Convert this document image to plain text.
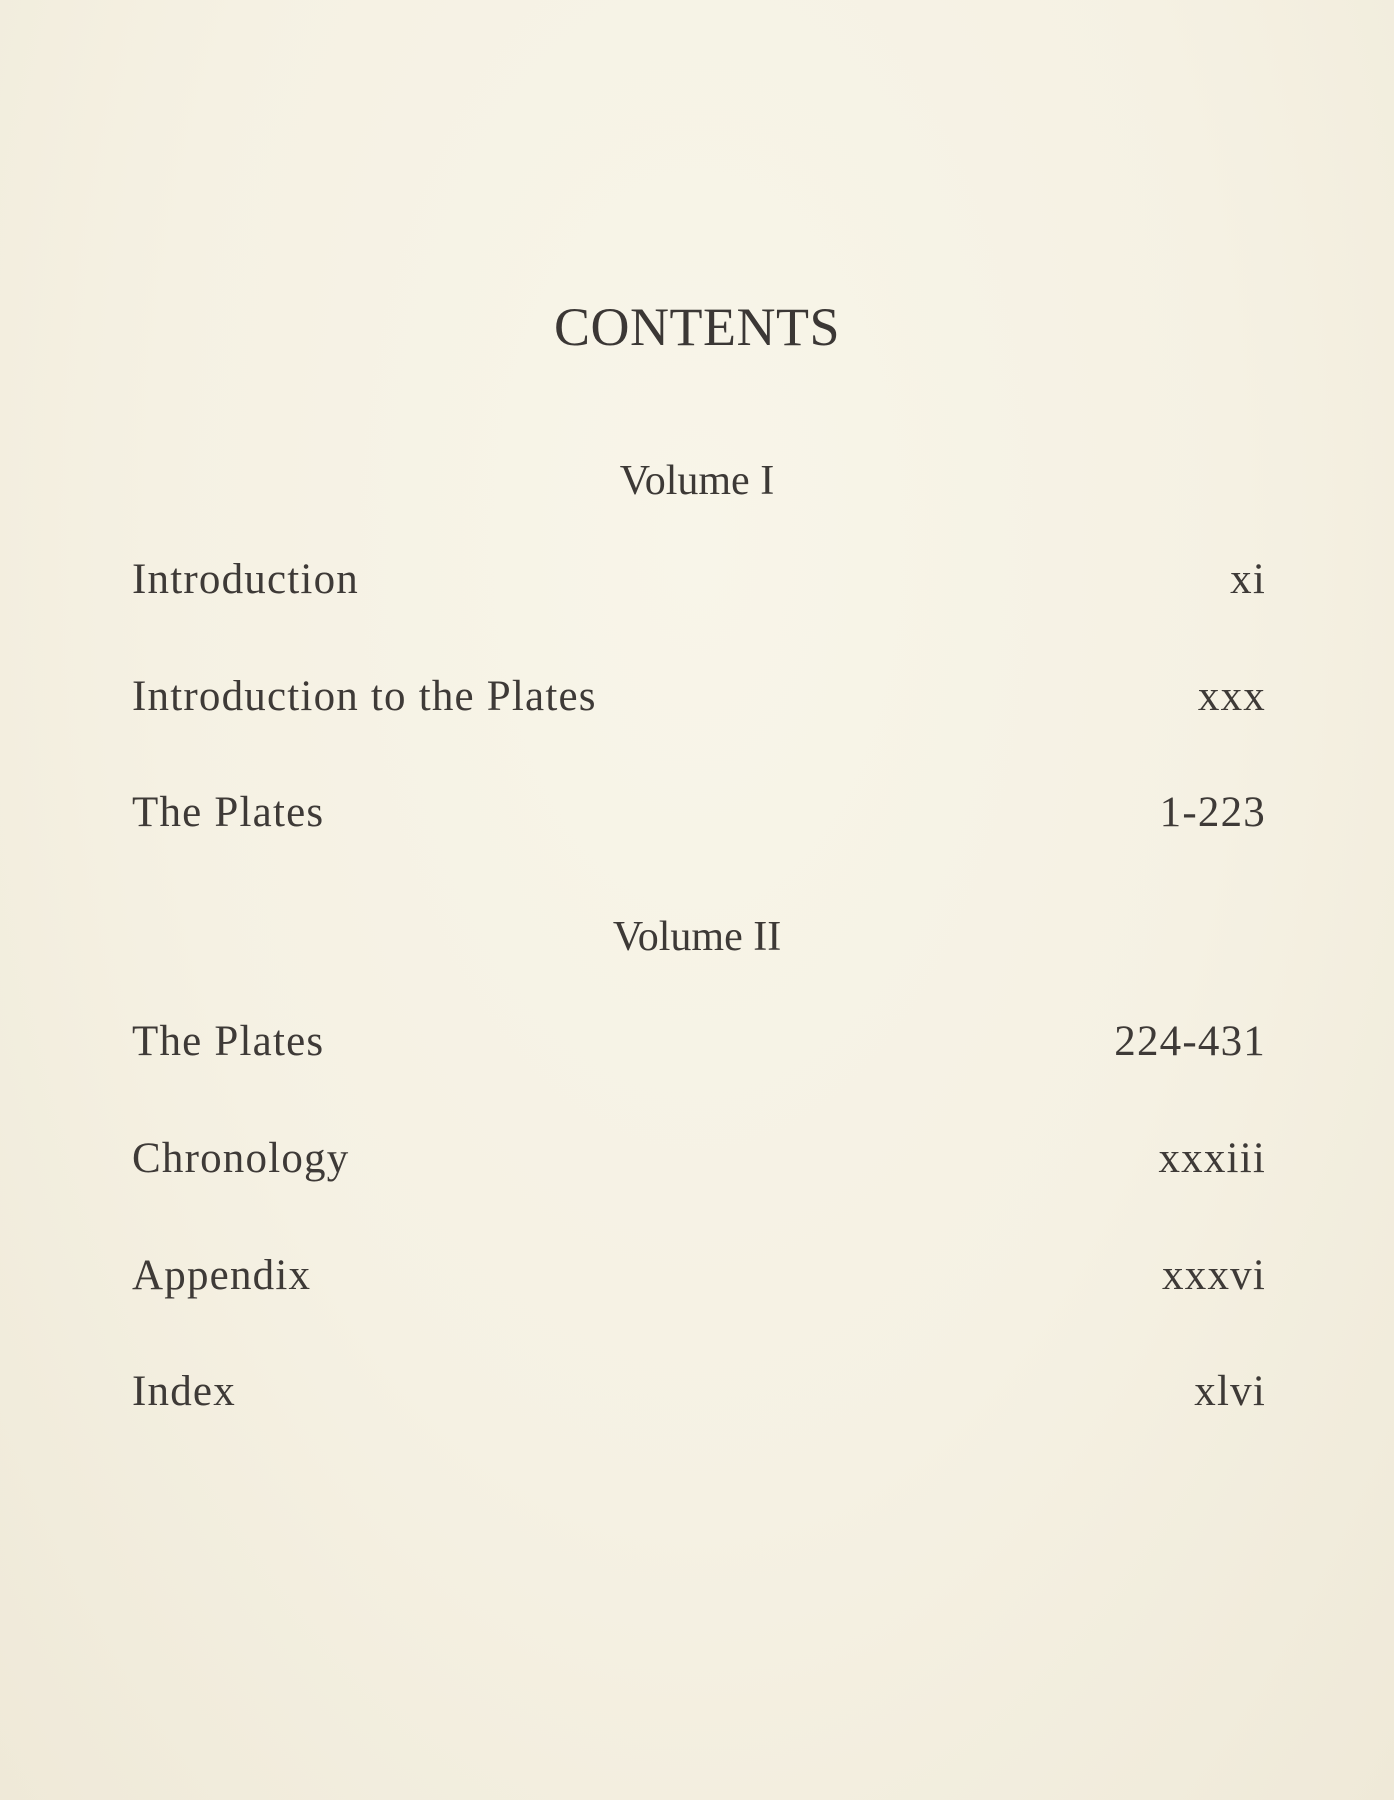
CONTENTS
Volume I
Introduction	xi
Introduction to the Plates	xxx
The Plates	1-223
Volume II
The Plates	224-431
Chronology	xxxiii
Appendix	xxxvi
Index	xlvi
